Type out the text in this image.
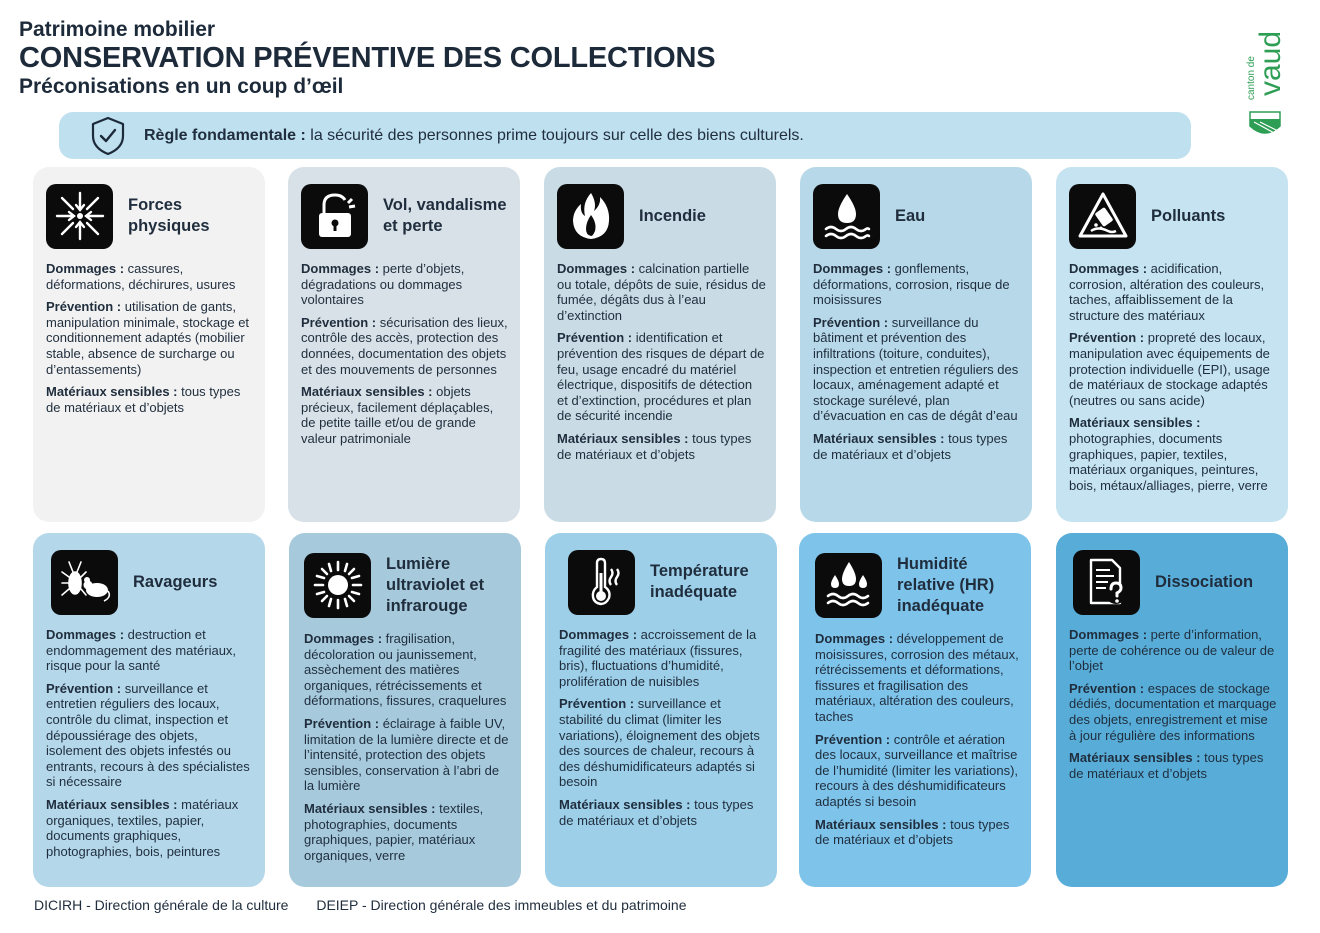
Patrimoine mobilier
CONSERVATION PRÉVENTIVE DES COLLECTIONS
Préconisations en un coup d’œil	canton de
vaud
Règle fondamentale : la sécurité des personnes prime toujours sur celle des biens culturels.
Forces physiques

Dommages : cassures, déformations, déchirures, usures

Prévention : utilisation de gants, manipulation minimale, stockage et conditionnement adaptés (mobilier stable, absence de surcharge ou d’entassements)

Matériaux sensibles : tous types de matériaux et d’objets

Vol, vandalisme et perte

Dommages : perte d’objets, dégradations ou dommages volontaires

Prévention : sécurisation des lieux, contrôle des accès, protection des données, documentation des objets et des mouvements de personnes

Matériaux sensibles : objets précieux, facilement déplaçables, de petite taille et/ou de grande valeur patrimoniale

Incendie

Dommages : calcination partielle ou totale, dépôts de suie, résidus de fumée, dégâts dus à l’eau d’extinction

Prévention : identification et prévention des risques de départ de feu, usage encadré du matériel électrique, dispositifs de détection et d’extinction, procédures et plan de sécurité incendie

Matériaux sensibles : tous types de matériaux et d’objets

Eau

Dommages : gonflements, déformations, corrosion, risque de moisissures

Prévention : surveillance du bâtiment et prévention des infiltrations (toiture, conduites), inspection et entretien réguliers des locaux, aménagement adapté et stockage surélevé, plan d’évacuation en cas de dégât d’eau

Matériaux sensibles : tous types de matériaux et d’objets

Polluants

Dommages : acidification, corrosion, altération des couleurs, taches, affaiblissement de la structure des matériaux

Prévention : propreté des locaux, manipulation avec équipements de protection individuelle (EPI), usage de matériaux de stockage adaptés (neutres ou sans acide)

Matériaux sensibles : photographies, documents graphiques, papier, textiles, matériaux organiques, peintures, bois, métaux/alliages, pierre, verre

Ravageurs

Dommages : destruction et endommagement des matériaux, risque pour la santé

Prévention : surveillance et entretien réguliers des locaux, contrôle du climat, inspection et dépoussiérage des objets, isolement des objets infestés ou entrants, recours à des spécialistes si nécessaire

Matériaux sensibles : matériaux organiques, textiles, papier, documents graphiques, photographies, bois, peintures

Lumière ultraviolet et infrarouge

Dommages : fragilisation, décoloration ou jaunissement, assèchement des matières organiques, rétrécissements et déformations, fissures, craquelures

Prévention : éclairage à faible UV, limitation de la lumière directe et de l’intensité, protection des objets sensibles, conservation à l’abri de la lumière

Matériaux sensibles : textiles, photographies, documents graphiques, papier, matériaux organiques, verre

Température inadéquate

Dommages : accroissement de la fragilité des matériaux (fissures, bris), fluctuations d’humidité, prolifération de nuisibles

Prévention : surveillance et stabilité du climat (limiter les variations), éloignement des objets des sources de chaleur, recours à des déshumidificateurs adaptés si besoin

Matériaux sensibles : tous types de matériaux et d’objets

Humidité relative (HR) inadéquate

Dommages : développement de moisissures, corrosion des métaux, rétrécissements et déformations, fissures et fragilisation des matériaux, altération des couleurs, taches

Prévention : contrôle et aération des locaux, surveillance et maîtrise de l’humidité (limiter les variations), recours à des déshumidificateurs adaptés si besoin

Matériaux sensibles : tous types de matériaux et d’objets

Dissociation

Dommages : perte d’information, perte de cohérence ou de valeur de l’objet

Prévention : espaces de stockage dédiés, documentation et marquage des objets, enregistrement et mise à jour régulière des informations

Matériaux sensibles : tous types de matériaux et d’objets

DICIRH - Direction générale de la culture DEIEP - Direction générale des immeubles et du patrimoine
